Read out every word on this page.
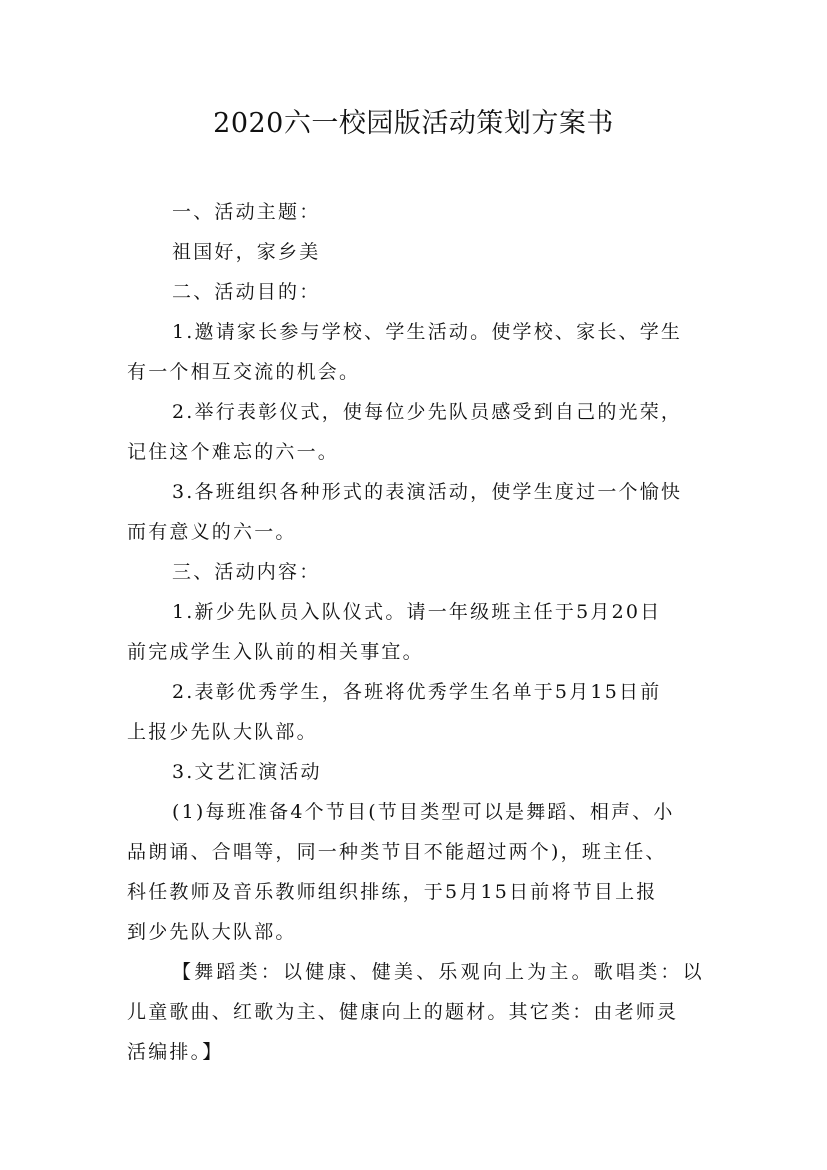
2020六一校园版活动策划方案书

一、活动主题：

祖国好，家乡美

二、活动目的：

1.邀请家长参与学校、学生活动。使学校、家长、学生

有一个相互交流的机会。

2.举行表彰仪式，使每位少先队员感受到自己的光荣，

记住这个难忘的六一。

3.各班组织各种形式的表演活动，使学生度过一个愉快

而有意义的六一。

三、活动内容：

1.新少先队员入队仪式。请一年级班主任于5月20日

前完成学生入队前的相关事宜。

2.表彰优秀学生，各班将优秀学生名单于5月15日前

上报少先队大队部。

3.文艺汇演活动

(1)每班准备4个节目(节目类型可以是舞蹈、相声、小

品朗诵、合唱等，同一种类节目不能超过两个)，班主任、

科任教师及音乐教师组织排练，于5月15日前将节目上报

到少先队大队部。

【舞蹈类：以健康、健美、乐观向上为主。歌唱类：以

儿童歌曲、红歌为主、健康向上的题材。其它类：由老师灵

活编排。】
